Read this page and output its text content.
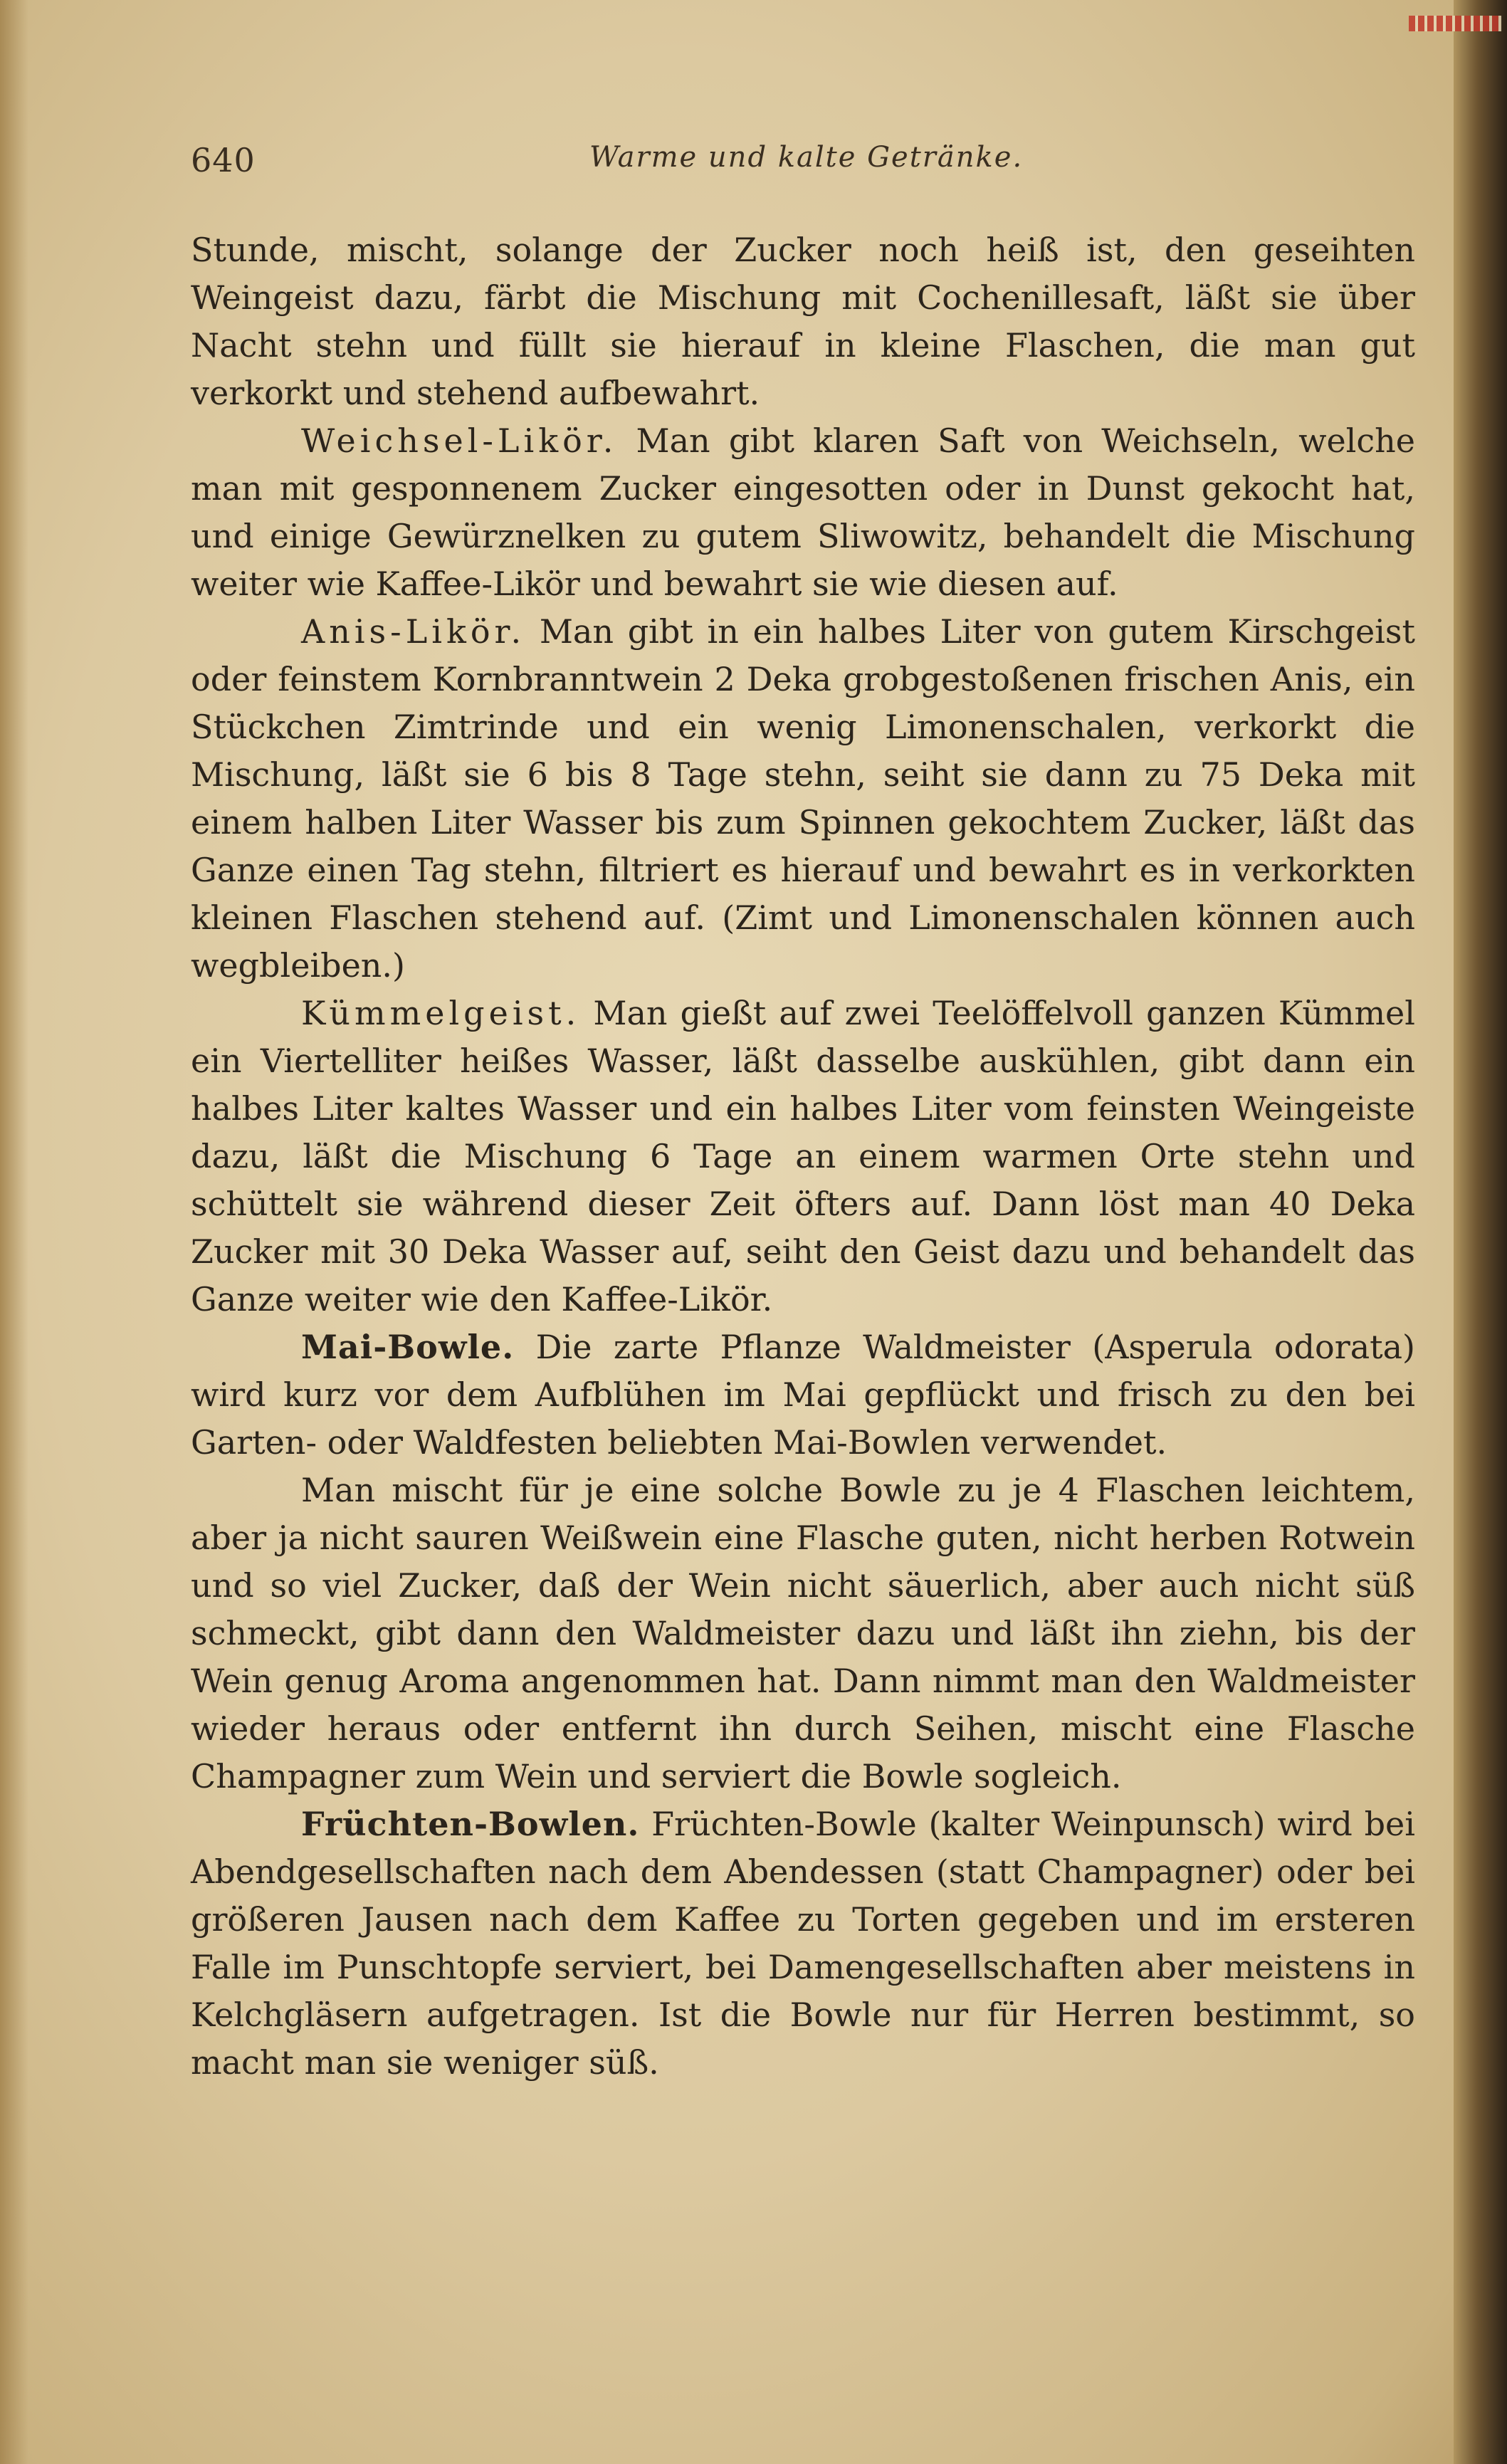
640	Warme und kalte Getränke.

Stunde, mischt, solange der Zucker noch heiß ist, den geseihten Weingeist dazu, färbt die Mischung mit Cochenillesaft, läßt sie über Nacht stehn und füllt sie hierauf in kleine Flaschen, die man gut verkorkt und stehend aufbewahrt.

Weichsel-Likör. Man gibt klaren Saft von Weichseln, welche man mit gesponnenem Zucker eingesotten oder in Dunst gekocht hat, und einige Gewürznelken zu gutem Sliwowitz, behandelt die Mischung weiter wie Kaffee-Likör und bewahrt sie wie diesen auf.

Anis-Likör. Man gibt in ein halbes Liter von gutem Kirschgeist oder feinstem Kornbranntwein 2 Deka grobgestoßenen frischen Anis, ein Stückchen Zimtrinde und ein wenig Limonenschalen, verkorkt die Mischung, läßt sie 6 bis 8 Tage stehn, seiht sie dann zu 75 Deka mit einem halben Liter Wasser bis zum Spinnen gekochtem Zucker, läßt das Ganze einen Tag stehn, filtriert es hierauf und bewahrt es in verkorkten kleinen Flaschen stehend auf. (Zimt und Limonenschalen können auch wegbleiben.)

Kümmelgeist. Man gießt auf zwei Teelöffelvoll ganzen Kümmel ein Viertelliter heißes Wasser, läßt dasselbe auskühlen, gibt dann ein halbes Liter kaltes Wasser und ein halbes Liter vom feinsten Weingeiste dazu, läßt die Mischung 6 Tage an einem warmen Orte stehn und schüttelt sie während dieser Zeit öfters auf. Dann löst man 40 Deka Zucker mit 30 Deka Wasser auf, seiht den Geist dazu und behandelt das Ganze weiter wie den Kaffee-Likör.

Mai-Bowle. Die zarte Pflanze Waldmeister (Asperula odorata) wird kurz vor dem Aufblühen im Mai gepflückt und frisch zu den bei Garten- oder Waldfesten beliebten Mai-Bowlen verwendet.

Man mischt für je eine solche Bowle zu je 4 Flaschen leichtem, aber ja nicht sauren Weißwein eine Flasche guten, nicht herben Rotwein und so viel Zucker, daß der Wein nicht säuerlich, aber auch nicht süß schmeckt, gibt dann den Waldmeister dazu und läßt ihn ziehn, bis der Wein genug Aroma angenommen hat. Dann nimmt man den Waldmeister wieder heraus oder entfernt ihn durch Seihen, mischt eine Flasche Champagner zum Wein und serviert die Bowle sogleich.

Früchten-Bowlen. Früchten-Bowle (kalter Weinpunsch) wird bei Abendgesellschaften nach dem Abendessen (statt Champagner) oder bei größeren Jausen nach dem Kaffee zu Torten gegeben und im ersteren Falle im Punschtopfe serviert, bei Damengesellschaften aber meistens in Kelchgläsern aufgetragen. Ist die Bowle nur für Herren bestimmt, so macht man sie weniger süß.
